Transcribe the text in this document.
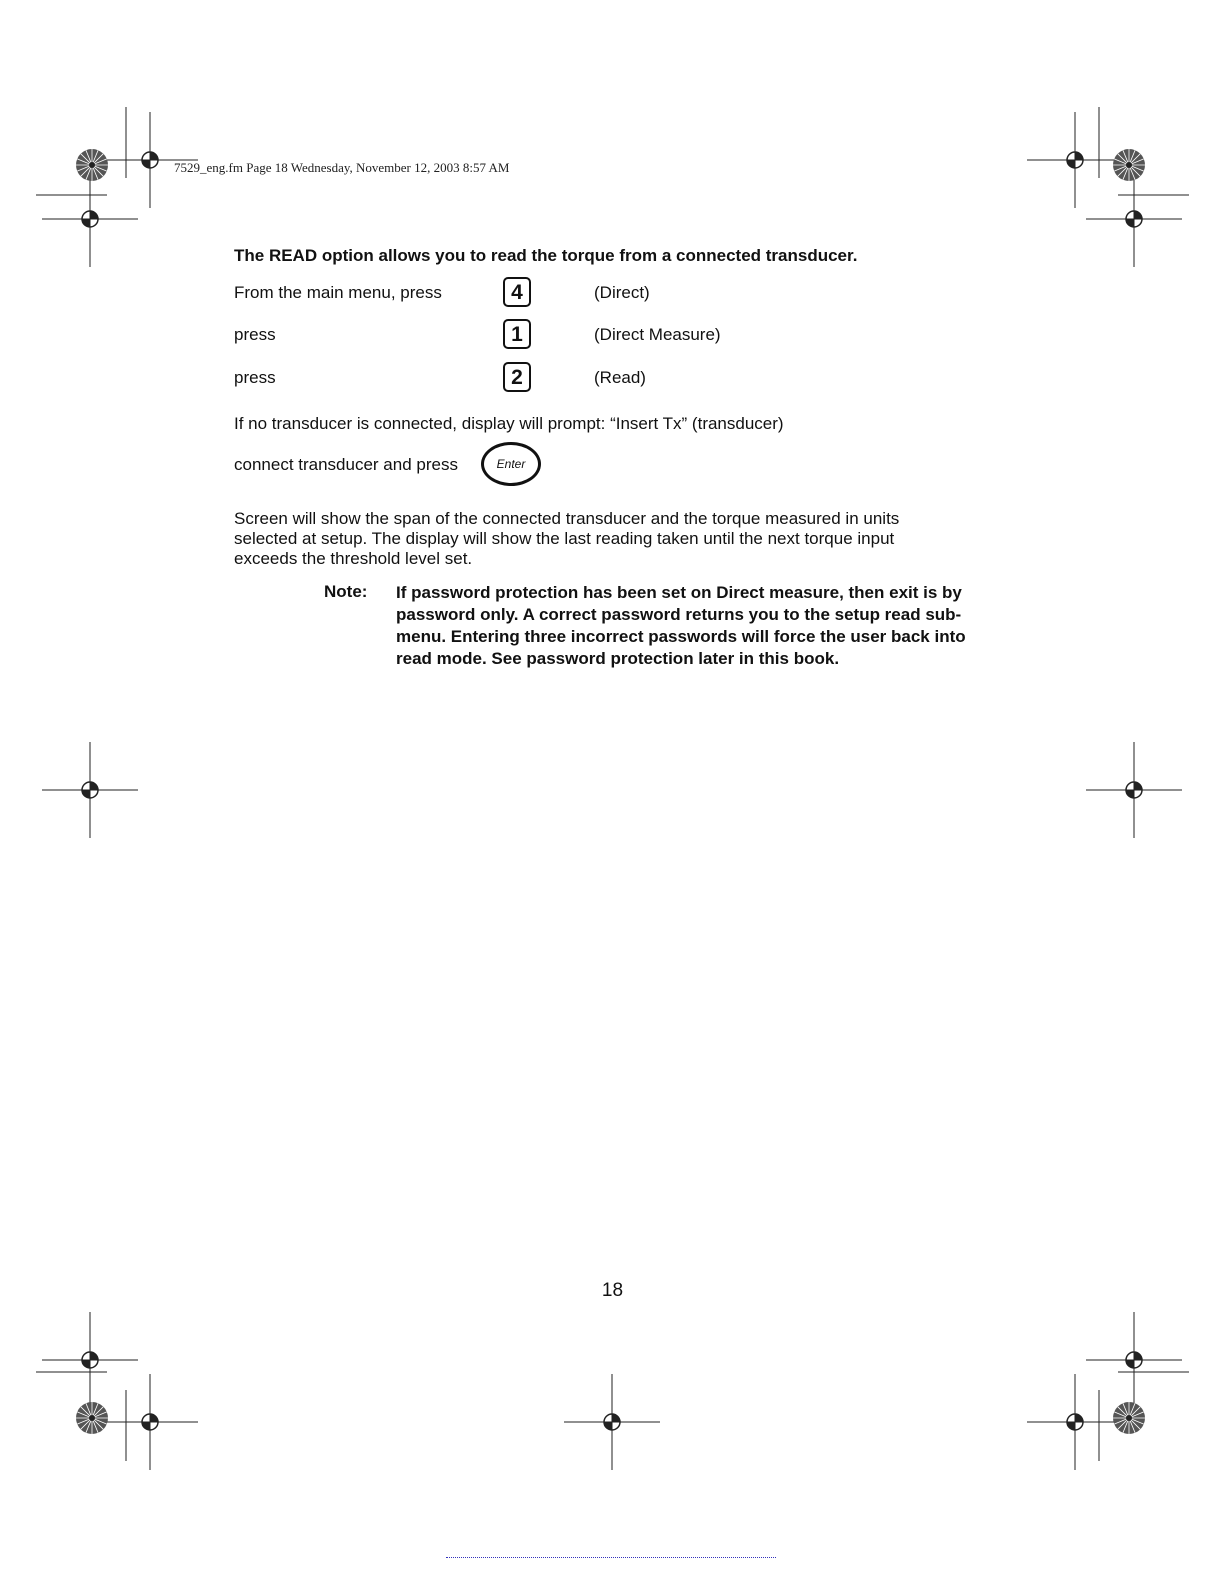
7529_eng.fm Page 18 Wednesday, November 12, 2003 8:57 AM
The READ option allows you to read the torque from a connected transducer.
From the main menu, press	4	(Direct)
press	1	(Direct Measure)
press	2	(Read)
If no transducer is connected, display will prompt: “Insert Tx” (transducer)
connect transducer and press	Enter
Screen will show the span of the connected transducer and the torque measured in units selected at setup. The display will show the last reading taken until the next torque input exceeds the threshold level set.
Note: If password protection has been set on Direct measure, then exit is by password only. A correct password returns you to the setup read sub-menu. Entering three incorrect passwords will force the user back into read mode. See password protection later in this book.
18
